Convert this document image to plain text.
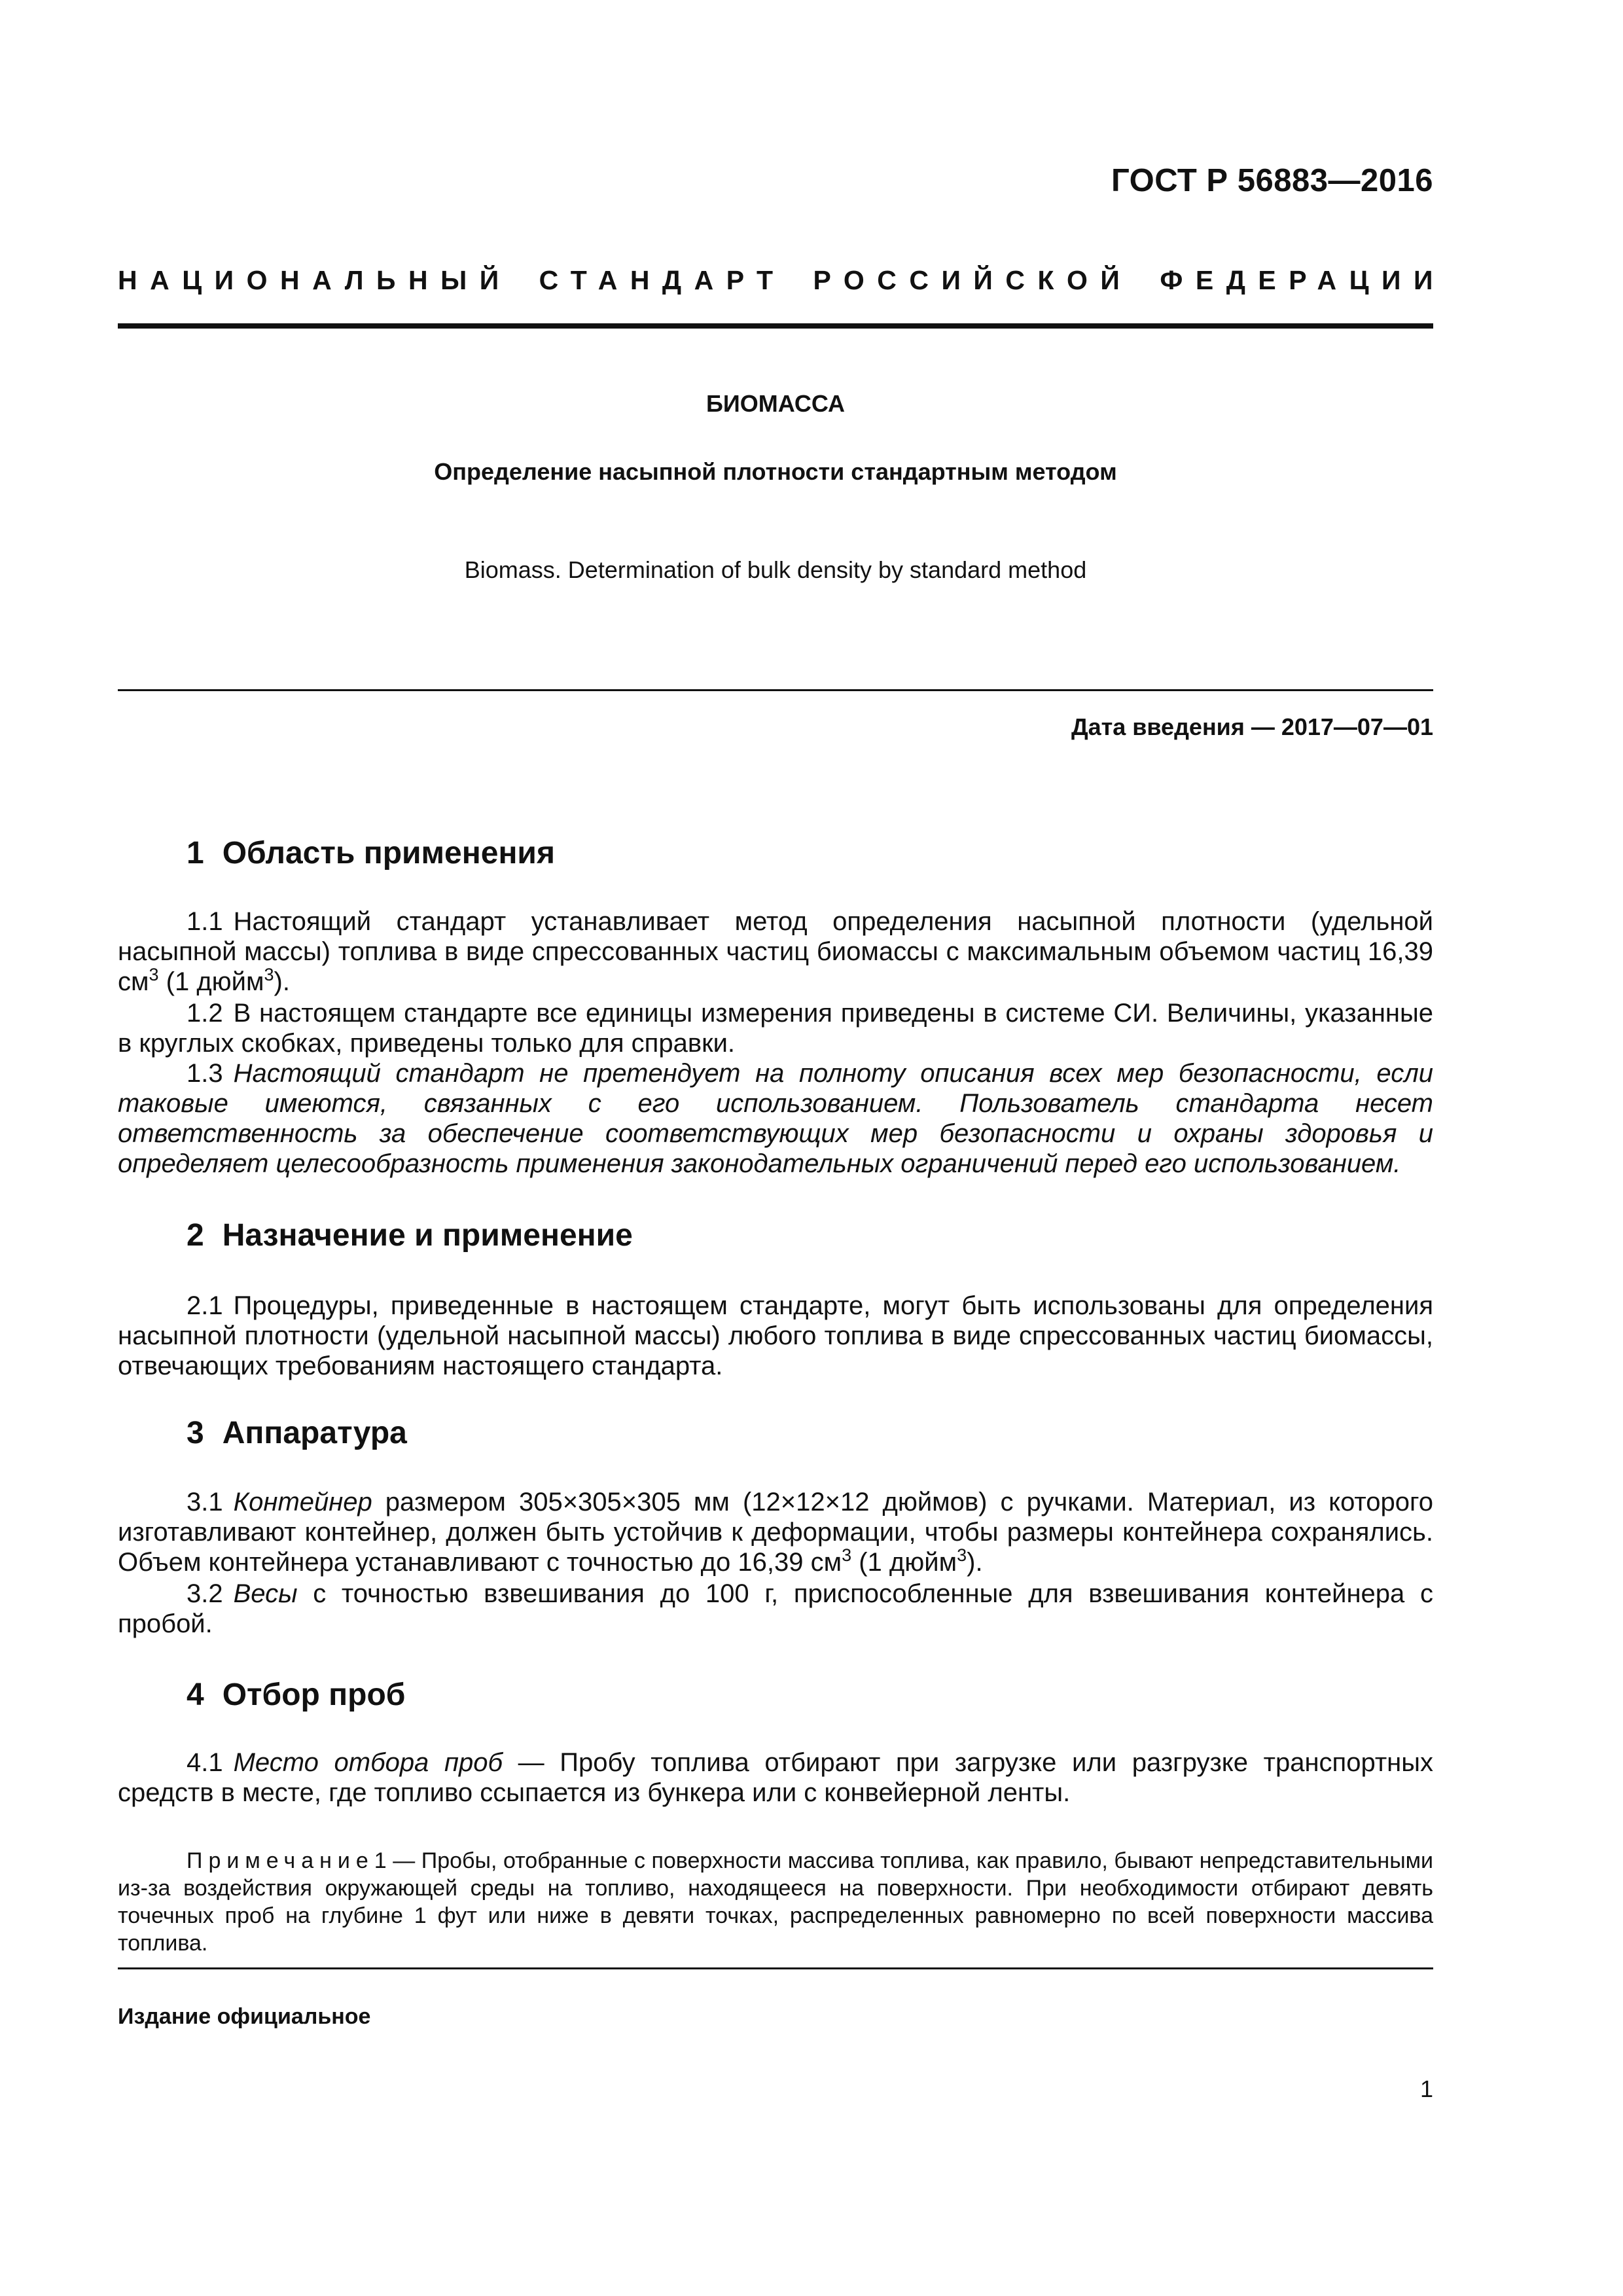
ГОСТ Р 56883—2016
НАЦИОНАЛЬНЫЙ СТАНДАРТ РОССИЙСКОЙ ФЕДЕРАЦИИ
БИОМАССА
Определение насыпной плотности стандартным методом
Biomass. Determination of bulk density by standard method
Дата введения — 2017—07—01
1 Область применения
1.1 Настоящий стандарт устанавливает метод определения насыпной плотности (удельной насыпной массы) топлива в виде спрессованных частиц биомассы с максимальным объемом частиц 16,39 $см^3$ (1 дюйм$^3$).
1.2 В настоящем стандарте все единицы измерения приведены в системе СИ. Величины, указанные в круглых скобках, приведены только для справки.
1.3 Настоящий стандарт не претендует на полноту описания всех мер безопасности, если таковые имеются, связанных с его использованием. Пользователь стандарта несет ответственность за обеспечение соответствующих мер безопасности и охраны здоровья и определяет целесообразность применения законодательных ограничений перед его использованием.
2 Назначение и применение
2.1 Процедуры, приведенные в настоящем стандарте, могут быть использованы для определения насыпной плотности (удельной насыпной массы) любого топлива в виде спрессованных частиц биомассы, отвечающих требованиям настоящего стандарта.
3 Аппаратура
3.1 Контейнер размером 305×305×305 мм (12×12×12 дюймов) с ручками. Материал, из которого изготавливают контейнер, должен быть устойчив к деформации, чтобы размеры контейнера сохранялись. Объем контейнера устанавливают с точностью до 16,39 $см^3$ (1 дюйм$^3$).
3.2 Весы с точностью взвешивания до 100 г, приспособленные для взвешивания контейнера с пробой.
4 Отбор проб
4.1 Место отбора проб — Пробу топлива отбирают при загрузке или разгрузке транспортных средств в месте, где топливо ссыпается из бункера или с конвейерной ленты.
Примечание1 — Пробы, отобранные с поверхности массива топлива, как правило, бывают непредставительными из-за воздействия окружающей среды на топливо, находящееся на поверхности. При необходимости отбирают девять точечных проб на глубине 1 фут или ниже в девяти точках, распределенных равномерно по всей поверхности массива топлива.
Издание официальное
1
